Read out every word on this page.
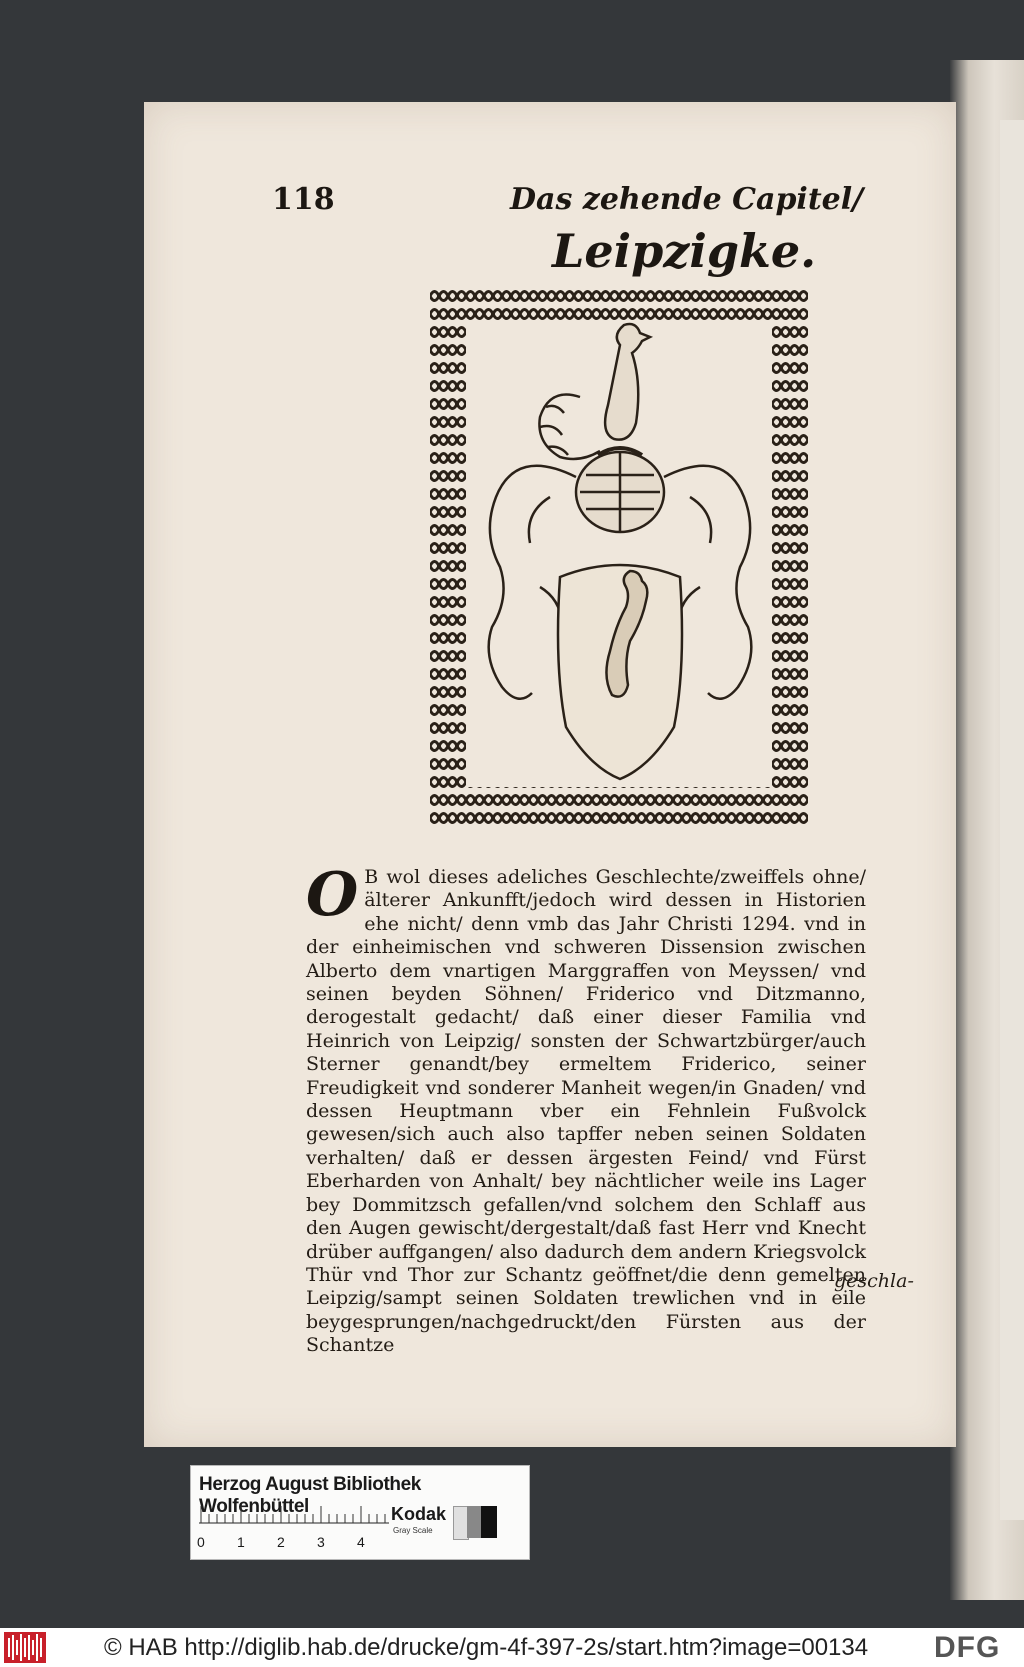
118	Das zehende Capitel/
Leipzigke.
O B wol dieses adeliches Geschlechte/zweiffels ohne/ älterer Ankunfft/jedoch wird dessen in Historien ehe nicht/ denn vmb das Jahr Christi 1294. vnd in der einheimischen vnd schweren Dissension zwischen Alberto dem vnartigen Marggraffen von Meyssen/ vnd seinen beyden Söhnen/ Friderico vnd Ditzmanno, derogestalt gedacht/ daß einer dieser Familia vnd Heinrich von Leipzig/ sonsten der Schwartzbürger/auch Sterner genandt/bey ermeltem Friderico, seiner Freudigkeit vnd sonderer Manheit wegen/in Gnaden/ vnd dessen Heuptmann vber ein Fehnlein Fußvolck gewesen/sich auch also tapffer neben seinen Soldaten verhalten/ daß er dessen ärgesten Feind/ vnd Fürst Eberharden von Anhalt/ bey nächtlicher weile ins Lager bey Dommitzsch gefallen/vnd solchem den Schlaff aus den Augen gewischt/dergestalt/daß fast Herr vnd Knecht drüber auffgangen/ also dadurch dem andern Kriegsvolck Thür vnd Thor zur Schantz geöffnet/die denn gemelten Leipzig/sampt seinen Soldaten trewlichen vnd in eile beygesprungen/nachgedruckt/den Fürsten aus der Schantze
geschla-
Herzog August Bibliothek Wolfenbüttel	Kodak
Gray Scale
0 1 2 3 4
© HAB http://diglib.hab.de/drucke/gm-4f-397-2s/start.htm?image=00134 DFG
